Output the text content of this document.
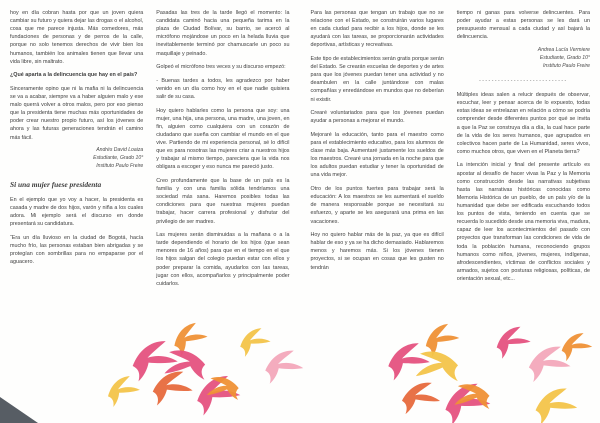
hoy en día cobran hasta por que un joven quiera cambiar su futuro y quiera dejar las drogas o el alcohol, cosa que me parece injusta. Más comedores, más fundaciones de personas y de perros de la calle, porque no solo tenemos derechos de vivir bien los humanos, también los animales tienen que llevar una vida libre, sin maltrato.
¿Qué aparta a la delincuencia que hay en el país?
Sinceramente opino que ni la mafia ni la delincuencia se va a acabar, siempre va a haber alguien malo y ese malo querrá volver a otros malos, pero por eso pienso que la presidenta tiene muchas más oportunidades de poder crear nuestro propio futuro, así los jóvenes de ahora y las futuras generaciones tendrán el camino más fácil.
Andrés David Loaiza
Estudiante, Grado 10°
Instituto Paulo Freire
Si una mujer fuese presidenta
En el ejemplo que yo voy a hacer, la presidenta es casada y madre de dos hijos, varón y niña a los cuales adora. Mi ejemplo será el discurso en donde presentará su candidatura.
“Era un día lluvioso en la ciudad de Bogotá, hacía mucho frío, las personas estaban bien abrigadas y se protegían con sombrillas para no empaparse por el aguacero.
Pasadas las tres de la tarde llegó el momento: la candidata caminó hacia una pequeña tarima en la plaza de Ciudad Bolívar, su barrio, se acercó al micrófono mojándose un poco en la helada lluvia que inevitablemente terminó por chamuscarle un poco su maquillaje y peinado.
Golpeó el micrófono tres veces y su discurso empezó:
- Buenas tardes a todos, les agradezco por haber venido en un día como hoy en el que nadie quisiera salir de su casa.
Hoy quiero hablarles como la persona que soy: una mujer, una hija, una persona, una madre, una joven, en fin, alguien como cualquiera con un corazón de ciudadano que sueña con cambiar el mundo en el que vive. Partiendo de mi experiencia personal, sé lo difícil que es para nosotras las mujeres criar a nuestros hijos y trabajar al mismo tiempo, pareciera que la vida nos obligara a escoger y eso nunca me pareció justo.
Creo profundamente que la base de un país es la familia y con una familia sólida tendríamos una sociedad más sana. Haremos posibles todas las condiciones para que nuestras mujeres puedan trabajar, hacer carrera profesional y disfrutar del privilegio de ser madres.
Las mujeres serán disminuidas a la mañana o a la tarde dependiendo el horario de los hijos (que sean menores de 16 años) para que en el tiempo en el que los hijos salgan del colegio puedan estar con ellos y poder preparar la comida, ayudarlos con las tareas, jugar con ellos, acompañarlos y principalmente poder cuidarlos.
Para las personas que tengan un trabajo que no se relacione con el Estado, se construirán varios lugares en cada ciudad para recibir a los hijos, donde se les ayudará con las tareas, se proporcionarán actividades deportivas, artísticas y recreativas.
Este tipo de establecimientos serán gratis porque serán del Estado. Se crearán escuelas de deportes y de artes para que los jóvenes puedan tener una actividad y no deambulen en la calle juntándose con malas compañías y enredándose en mundos que no deberían ni existir.
Crearé voluntariados para que los jóvenes puedan ayudar a personas a mejorar el mundo.
Mejoraré la educación, tanto para el maestro como para el establecimiento educativo, para los alumnos de clase más baja. Aumentaré justamente los sueldos de los maestros. Crearé una jornada en la noche para que los adultos puedan estudiar y tener la oportunidad de una vida mejor.
Otro de los puntos fuertes para trabajar será la educación: A los maestros se les aumentará el sueldo de manera responsable porque se necesitará su esfuerzo, y aparte se les asegurará una prima en las vacaciones.
Hoy no quiero hablar más de la paz, ya que es difícil hablar de eso y ya se ha dicho demasiado. Hablaremos menos y haremos más. Si los jóvenes tienen proyectos, si se ocupan en cosas que les gusten no tendrán
tiempo ni ganas para volverse delincuentes. Para poder ayudar a estas personas se les dará un presupuesto mensual a cada ciudad y así bajará la delincuencia.
Andrea Lucía Vermiere
Estudiante, Grado 10°
Instituto Paulo Freire
----------------------------
Múltiples ideas salen a relucir después de observar, escuchar, leer y pensar acerca de lo expuesto, todas estas ideas se entrelazan en relación a cómo se podría comprender desde diferentes puntos por qué se invita a que la Paz se construya día a día, la cual hace parte de la vida de los seres humanos, que agrupados en colectivos hacen parte de La Humanidad, seres vivos, como muchos otros, que viven en el Planeta tierra?
La intención inicial y final del presente artículo es apostar al desafío de hacer vivas la Paz y la Memoria como construcción desde las narrativas subjetivas hasta las narrativas históricas conocidas como Memoria Histórica de un pueblo, de un país y/o de la humanidad que debe ser edificada escuchando todos los puntos de vista, teniendo en cuenta que se recuerda lo sucedido desde una memoria viva, madura, capaz de leer los acontecimientos del pasado con proyectos que transforman las condiciones de vida de toda la población humana, reconociendo grupos humanos como niños, jóvenes, mujeres, indígenas, afrodescendientes, víctimas de conflictos sociales y armados, sujetos con posturas religiosas, políticas, de orientación sexual, etc...
